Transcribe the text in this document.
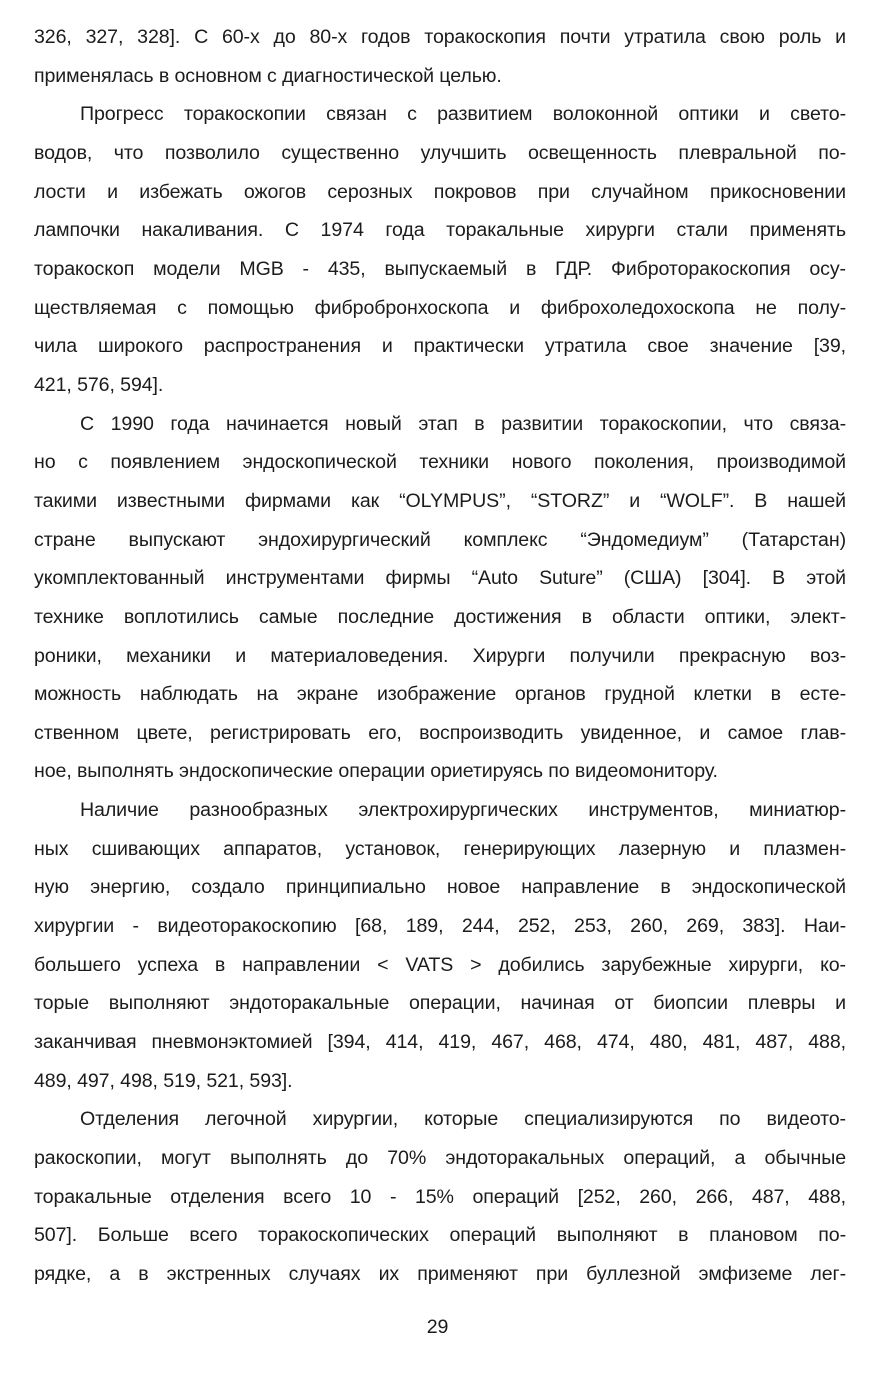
326, 327, 328]. С 60-х до 80-х годов торакоскопия почти утратила свою роль и
применялась в основном с диагностической целью.
Прогресс торакоскопии связан с развитием волоконной оптики и свето-
водов, что позволило существенно улучшить освещенность плевральной по-
лости и избежать ожогов серозных покровов при случайном прикосновении
лампочки накаливания. С 1974 года торакальные хирурги стали применять
торакоскоп модели MGB - 435, выпускаемый в ГДР. Фиброторакоскопия осу-
ществляемая с помощью фибробронхоскопа и фиброхоледохоскопа не полу-
чила широкого распространения и практически утратила свое значение [39,
421, 576, 594].
С 1990 года начинается новый этап в развитии торакоскопии, что связа-
но с появлением эндоскопической техники нового поколения, производимой
такими известными фирмами как “OLYMPUS”, “STORZ” и “WOLF”. В нашей
стране выпускают эндохирургический комплекс “Эндомедиум” (Татарстан)
укомплектованный инструментами фирмы “Auto Suture” (США) [304]. В этой
технике воплотились самые последние достижения в области оптики, элект‑
роники, механики и материаловедения. Хирурги получили прекрасную воз-
можность наблюдать на экране изображение органов грудной клетки в есте-
ственном цвете, регистрировать его, воспроизводить увиденное, и самое глав-
ное, выполнять эндоскопические операции ориетируясь по видеомонитору.
Наличие разнообразных электрохирургических инструментов, миниатюр-
ных сшивающих аппаратов, установок, генерирующих лазерную и плазмен-
ную энергию, создало принципиально новое направление в эндоскопической
хирургии - видеоторакоскопию [68, 189, 244, 252, 253, 260, 269, 383]. Наи-
большего успеха в направлении < VATS > добились зарубежные хирурги, ко-
торые выполняют эндоторакальные операции, начиная от биопсии плевры и
заканчивая пневмонэктомией [394, 414, 419, 467, 468, 474, 480, 481, 487, 488,
489, 497, 498, 519, 521, 593].
Отделения легочной хирургии, которые специализируются по видеото-
ракоскопии, могут выполнять до 70% эндоторакальных операций, а обычные
торакальные отделения всего 10 - 15% операций [252, 260, 266, 487, 488,
507]. Больше всего торакоскопических операций выполняют в плановом по-
рядке, а в экстренных случаях их применяют при буллезной эмфиземе лег-
29
